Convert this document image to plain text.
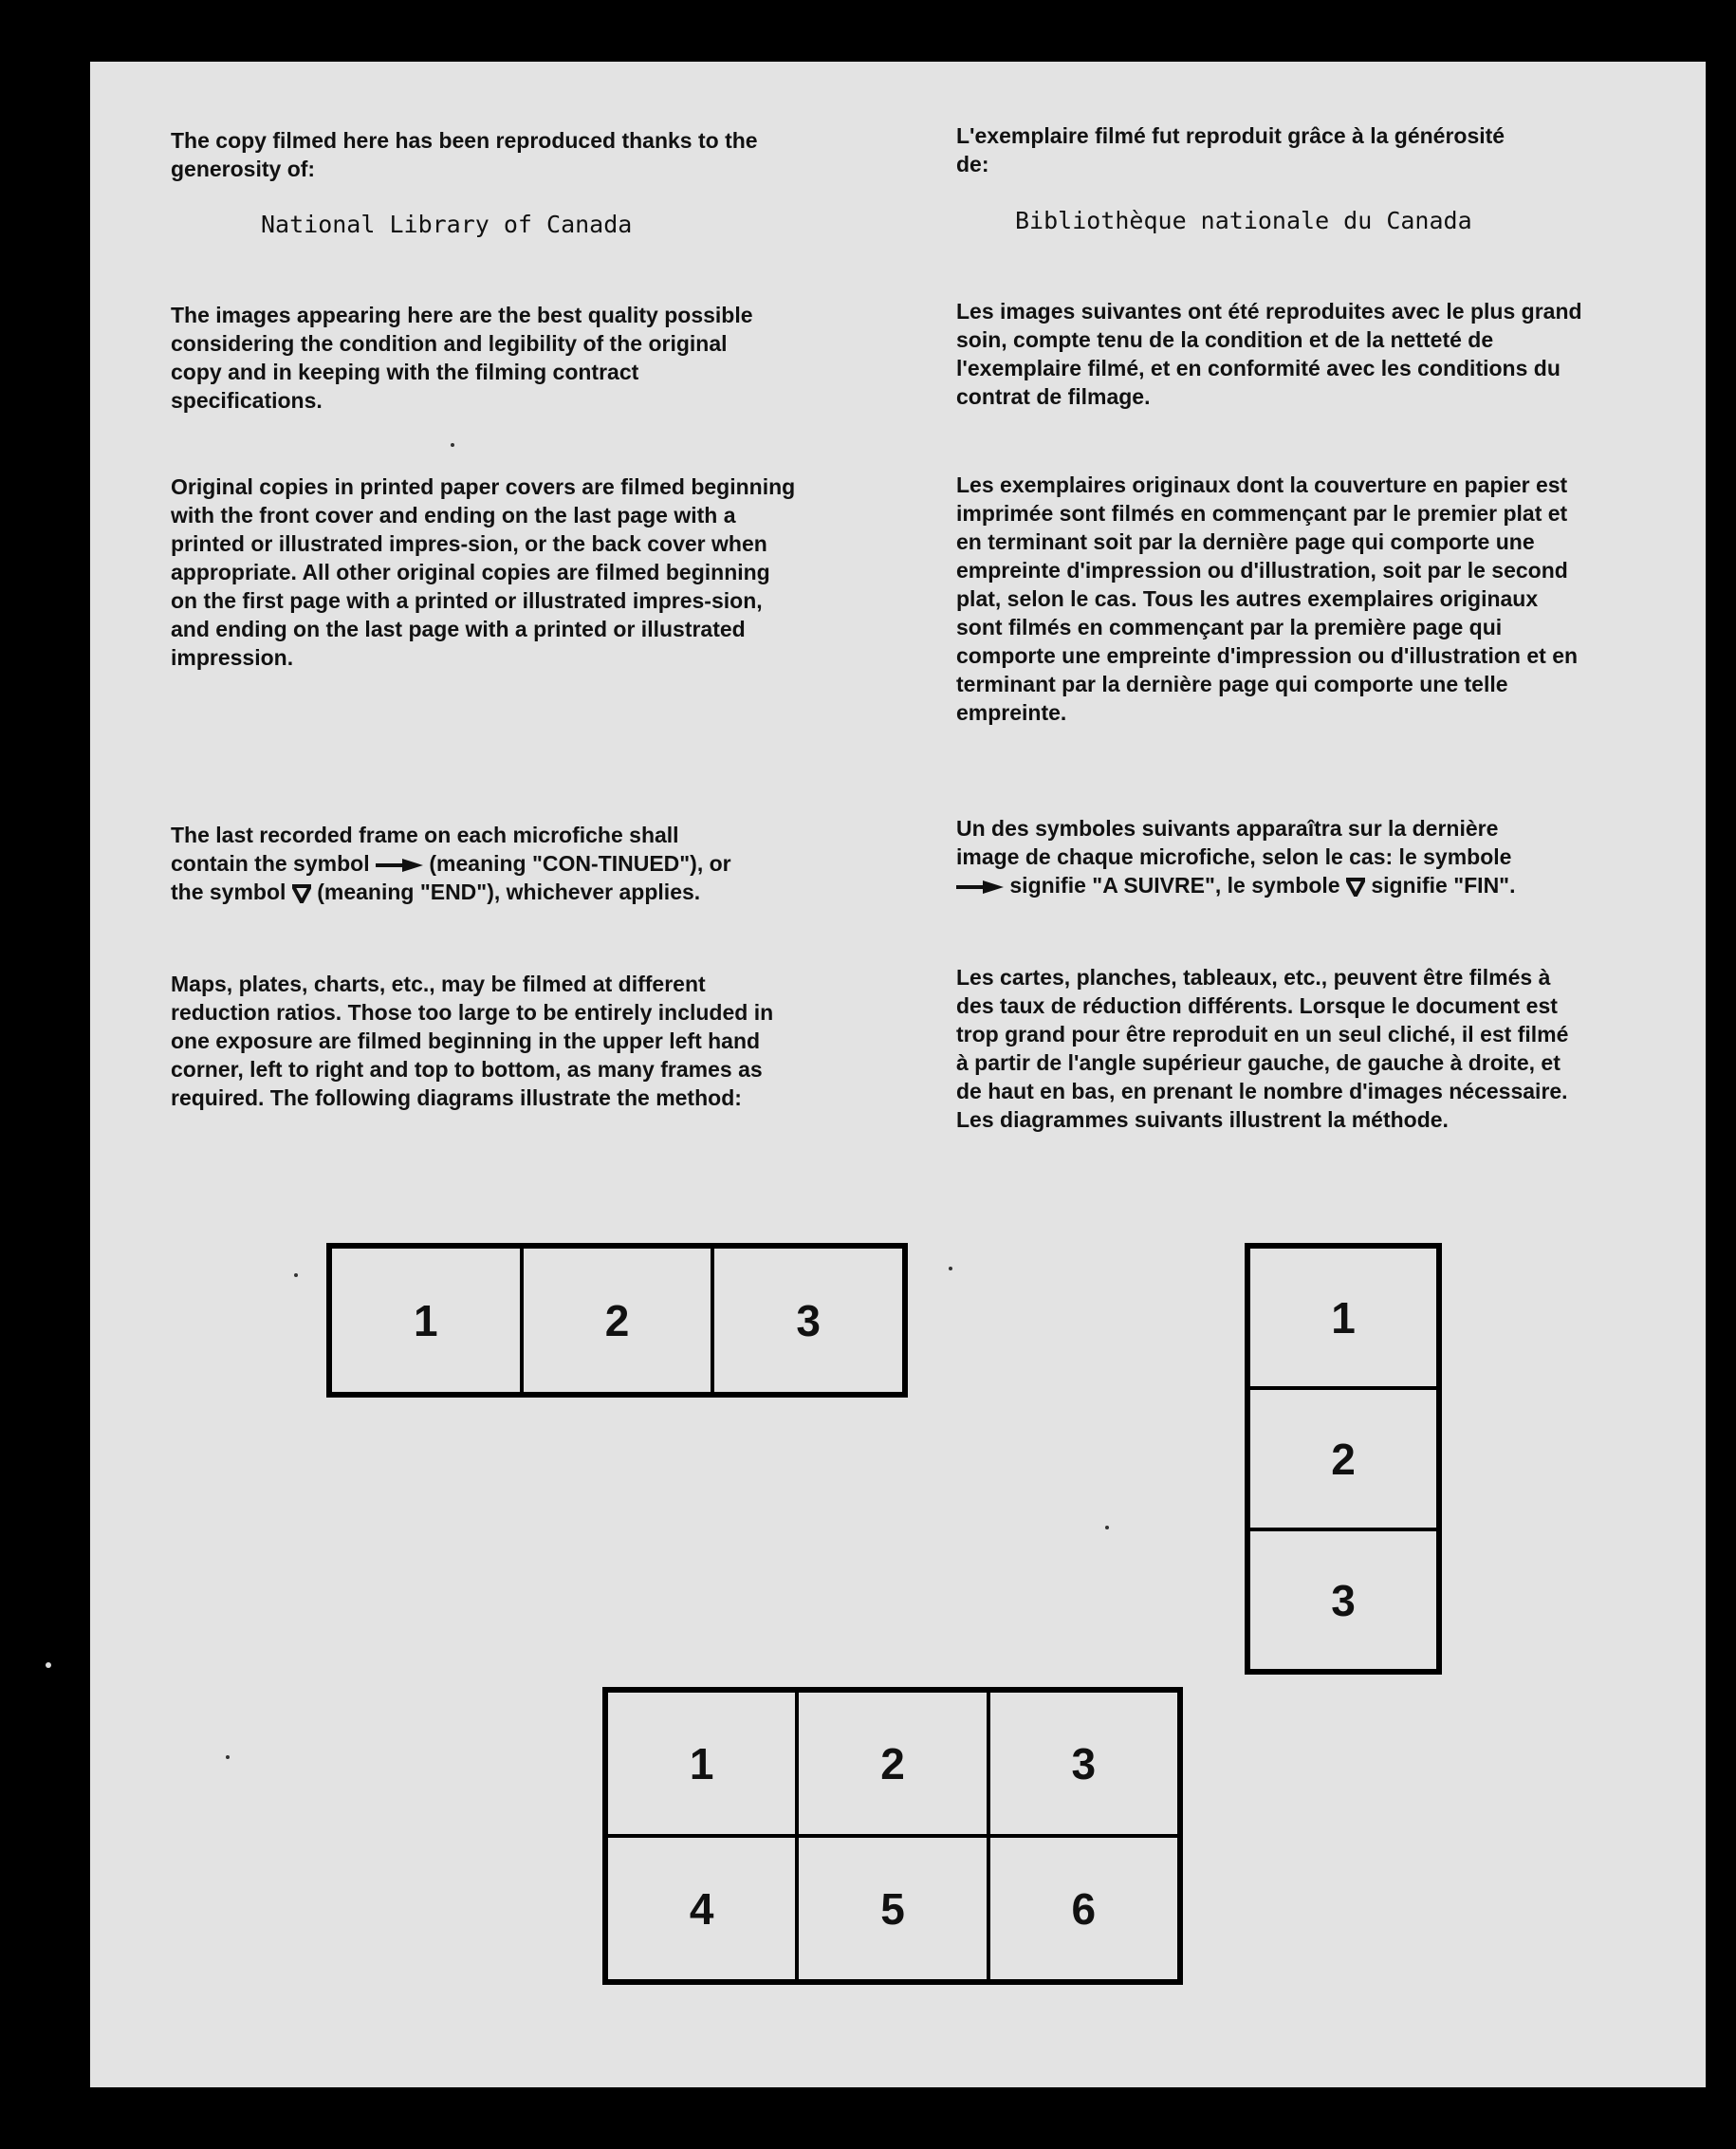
The copy filmed here has been reproduced thanks to the generosity of:

National Library of Canada

The images appearing here are the best quality possible considering the condition and legibility of the original copy and in keeping with the filming contract specifications.

Original copies in printed paper covers are filmed beginning with the front cover and ending on the last page with a printed or illustrated impres-sion, or the back cover when appropriate. All other original copies are filmed beginning on the first page with a printed or illustrated impres-sion, and ending on the last page with a printed or illustrated impression.

The last recorded frame on each microfiche shall contain the symbol	(meaning "CON-TINUED"), or the symbol (meaning "END"), whichever applies.

Maps, plates, charts, etc., may be filmed at different reduction ratios. Those too large to be entirely included in one exposure are filmed beginning in the upper left hand corner, left to right and top to bottom, as many frames as required. The following diagrams illustrate the method:

L'exemplaire filmé fut reproduit grâce à la générosité de:

Bibliothèque nationale du Canada

Les images suivantes ont été reproduites avec le plus grand soin, compte tenu de la condition et de la netteté de l'exemplaire filmé, et en conformité avec les conditions du contrat de filmage.

Les exemplaires originaux dont la couverture en papier est imprimée sont filmés en commençant par le premier plat et en terminant soit par la dernière page qui comporte une empreinte d'impression ou d'illustration, soit par le second plat, selon le cas. Tous les autres exemplaires originaux sont filmés en commençant par la première page qui comporte une empreinte d'impression ou d'illustration et en terminant par la dernière page qui comporte une telle empreinte.

Un des symboles suivants apparaîtra sur la dernière image de chaque microfiche, selon le cas: le symbole  signifie "A SUIVRE", le symbole signifie "FIN".

Les cartes, planches, tableaux, etc., peuvent être filmés à des taux de réduction différents. Lorsque le document est trop grand pour être reproduit en un seul cliché, il est filmé à partir de l'angle supérieur gauche, de gauche à droite, et de haut en bas, en prenant le nombre d'images nécessaire. Les diagrammes suivants illustrent la méthode.

1	2	3	1
2
3
1	2	3
4	5	6
